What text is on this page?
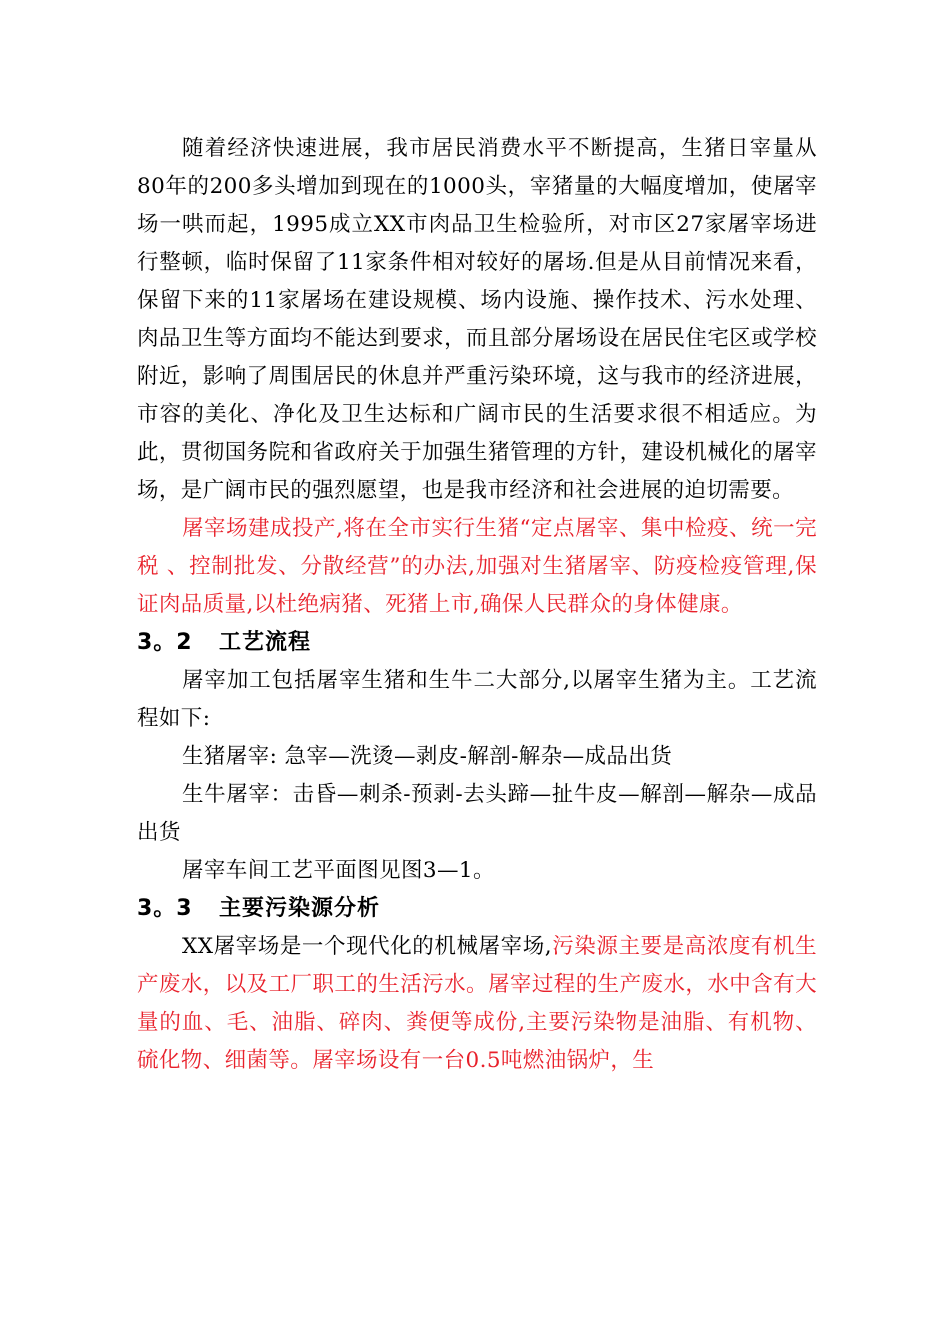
随着经济快速进展，我市居民消费水平不断提高，生猪日宰量从80年的200多头增加到现在的1000头，宰猪量的大幅度增加，使屠宰场一哄而起，1995成立XX市肉品卫生检验所，对市区27家屠宰场进行整顿，临时保留了11家条件相对较好的屠场.但是从目前情况来看，保留下来的11家屠场在建设规模、场内设施、操作技术、污水处理、肉品卫生等方面均不能达到要求，而且部分屠场设在居民住宅区或学校附近，影响了周围居民的休息并严重污染环境，这与我市的经济进展，市容的美化、净化及卫生达标和广阔市民的生活要求很不相适应。为此，贯彻国务院和省政府关于加强生猪管理的方针，建设机械化的屠宰场，是广阔市民的强烈愿望，也是我市经济和社会进展的迫切需要。

屠宰场建成投产,将在全市实行生猪“定点屠宰、集中检疫、统一完税 、控制批发、分散经营”的办法,加强对生猪屠宰、防疫检疫管理,保证肉品质量,以杜绝病猪、死猪上市,确保人民群众的身体健康。

3。2 工艺流程

屠宰加工包括屠宰生猪和生牛二大部分,以屠宰生猪为主。工艺流程如下:

生猪屠宰: 急宰—洗烫—剥皮-解剖-解杂—成品出货

生牛屠宰：击昏—刺杀-预剥-去头蹄—扯牛皮—解剖—解杂—成品出货

屠宰车间工艺平面图见图3—1。

3。3 主要污染源分析

XX屠宰场是一个现代化的机械屠宰场,污染源主要是高浓度有机生产废水，以及工厂职工的生活污水。屠宰过程的生产废水，水中含有大量的血、毛、油脂、碎肉、粪便等成份,主要污染物是油脂、有机物、硫化物、细菌等。屠宰场设有一台0.5吨燃油锅炉，生
